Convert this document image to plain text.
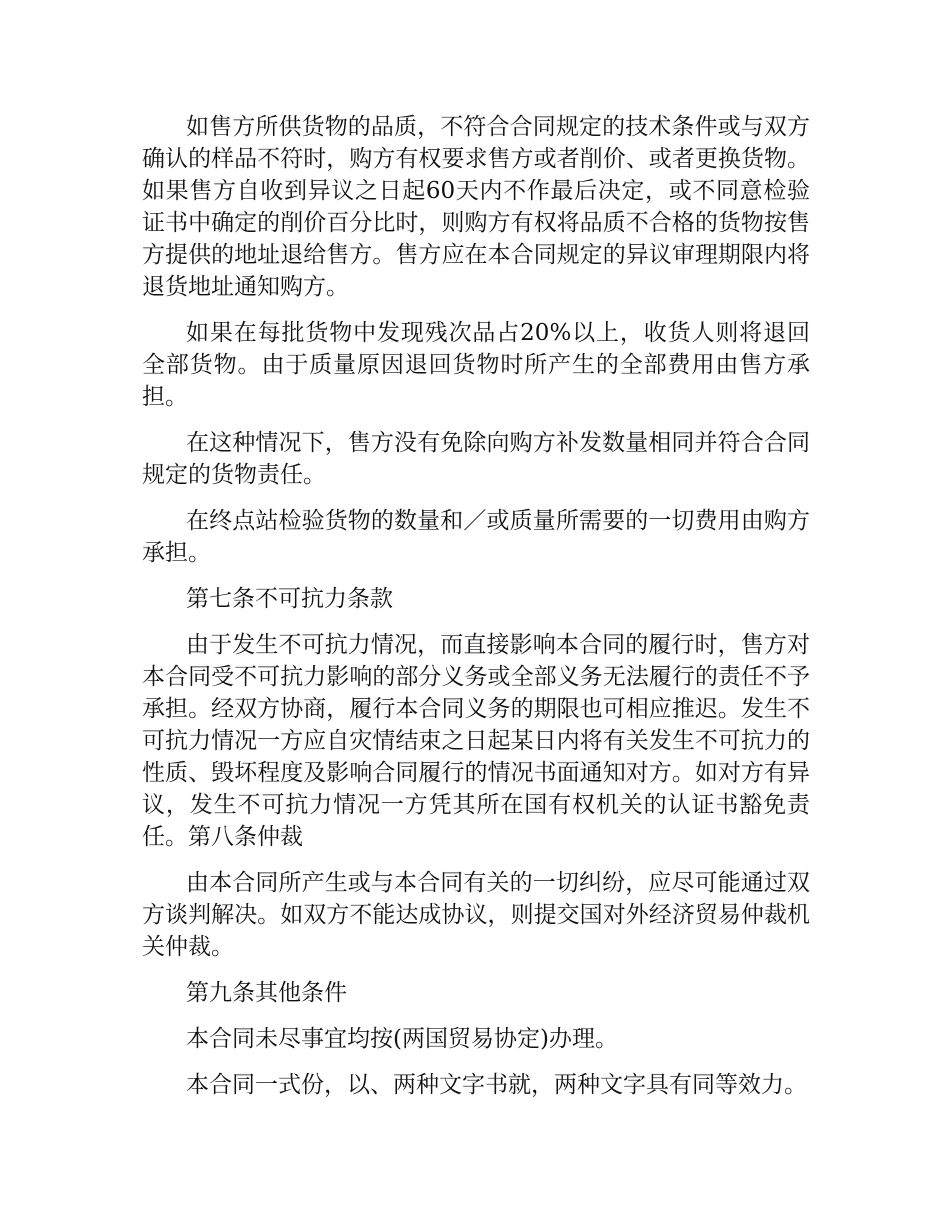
如售方所供货物的品质，不符合合同规定的技术条件或与双方确认的样品不符时，购方有权要求售方或者削价、或者更换货物。如果售方自收到异议之日起60天内不作最后决定，或不同意检验证书中确定的削价百分比时，则购方有权将品质不合格的货物按售方提供的地址退给售方。售方应在本合同规定的异议审理期限内将退货地址通知购方。

如果在每批货物中发现残次品占20%以上，收货人则将退回全部货物。由于质量原因退回货物时所产生的全部费用由售方承担。

在这种情况下，售方没有免除向购方补发数量相同并符合合同规定的货物责任。

在终点站检验货物的数量和／或质量所需要的一切费用由购方承担。

第七条不可抗力条款

由于发生不可抗力情况，而直接影响本合同的履行时，售方对本合同受不可抗力影响的部分义务或全部义务无法履行的责任不予承担。经双方协商，履行本合同义务的期限也可相应推迟。发生不可抗力情况一方应自灾情结束之日起某日内将有关发生不可抗力的性质、毁坏程度及影响合同履行的情况书面通知对方。如对方有异议，发生不可抗力情况一方凭其所在国有权机关的认证书豁免责任。第八条仲裁

由本合同所产生或与本合同有关的一切纠纷，应尽可能通过双方谈判解决。如双方不能达成协议，则提交国对外经济贸易仲裁机关仲裁。

第九条其他条件

本合同未尽事宜均按(两国贸易协定)办理。

本合同一式份，以、两种文字书就，两种文字具有同等效力。
